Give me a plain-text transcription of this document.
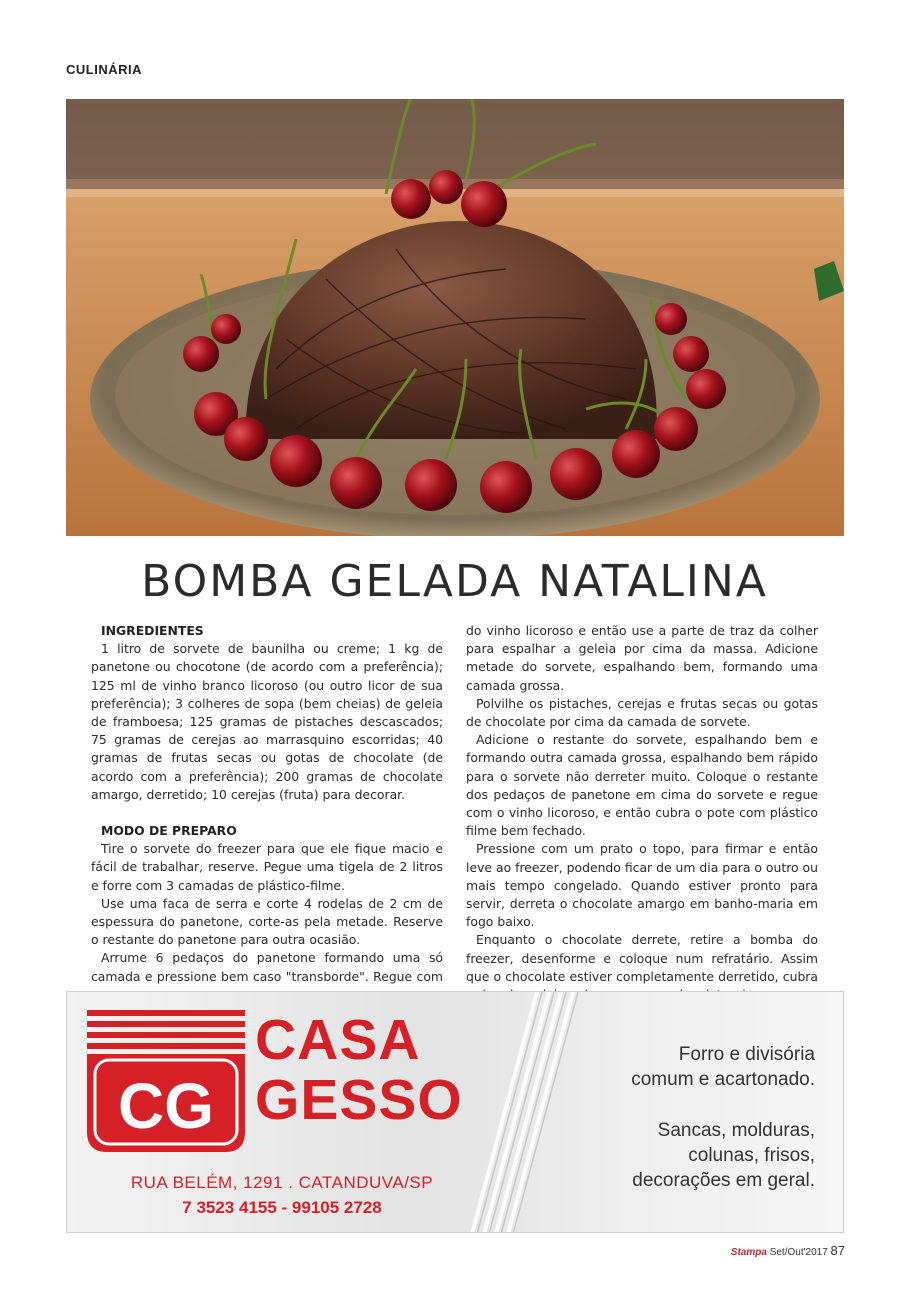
CULINÁRIA
BOMBA GELADA NATALINA
INGREDIENTES

1 litro de sorvete de baunilha ou creme; 1 kg de panetone ou chocotone (de acordo com a preferência); 125 ml de vinho branco licoroso (ou outro licor de sua preferência); 3 colheres de sopa (bem cheias) de geleia de framboesa; 125 gramas de pistaches descascados; 75 gramas de cerejas ao marrasquino escorridas; 40 gramas de frutas secas ou gotas de chocolate (de acordo com a preferência); 200 gramas de chocolate amargo, derretido; 10 cerejas (fruta) para decorar.

MODO DE PREPARO

Tire o sorvete do freezer para que ele fique macio e fácil de trabalhar, reserve. Pegue uma tigela de 2 litros e forre com 3 camadas de plástico-filme.

Use uma faca de serra e corte 4 rodelas de 2 cm de espessura do panetone, corte-as pela metade. Reserve o restante do panetone para outra ocasião.

Arrume 6 pedaços do panetone formando uma só camada e pressione bem caso "transborde". Regue com

do vinho licoroso e então use a parte de traz da colher para espalhar a geleia por cima da massa. Adicione metade do sorvete, espalhando bem, formando uma camada grossa.

Polvilhe os pistaches, cerejas e frutas secas ou gotas de chocolate por cima da camada de sorvete.

Adicione o restante do sorvete, espalhando bem e formando outra camada grossa, espalhando bem rápido para o sorvete não derreter muito. Coloque o restante dos pedaços de panetone em cima do sorvete e regue com o vinho licoroso, e então cubra o pote com plástico filme bem fechado.

Pressione com um prato o topo, para firmar e então leve ao freezer, podendo ficar de um dia para o outro ou mais tempo congelado. Quando estiver pronto para servir, derreta o chocolate amargo em banho-maria em fogo baixo.

Enquanto o chocolate derrete, retire a bomba do freezer, desenforme e coloque num refratário. Assim que o chocolate estiver completamente derretido, cubra

CG
CASA
GESSO
RUA BELÉM, 1291 . CATANDUVA/SP
7 3523 4155 - 99105 2728
Forro e divisória
comum e acartonado.
Sancas, molduras,
colunas, frisos,
decorações em geral.
Stampa Set/Out'2017 87
